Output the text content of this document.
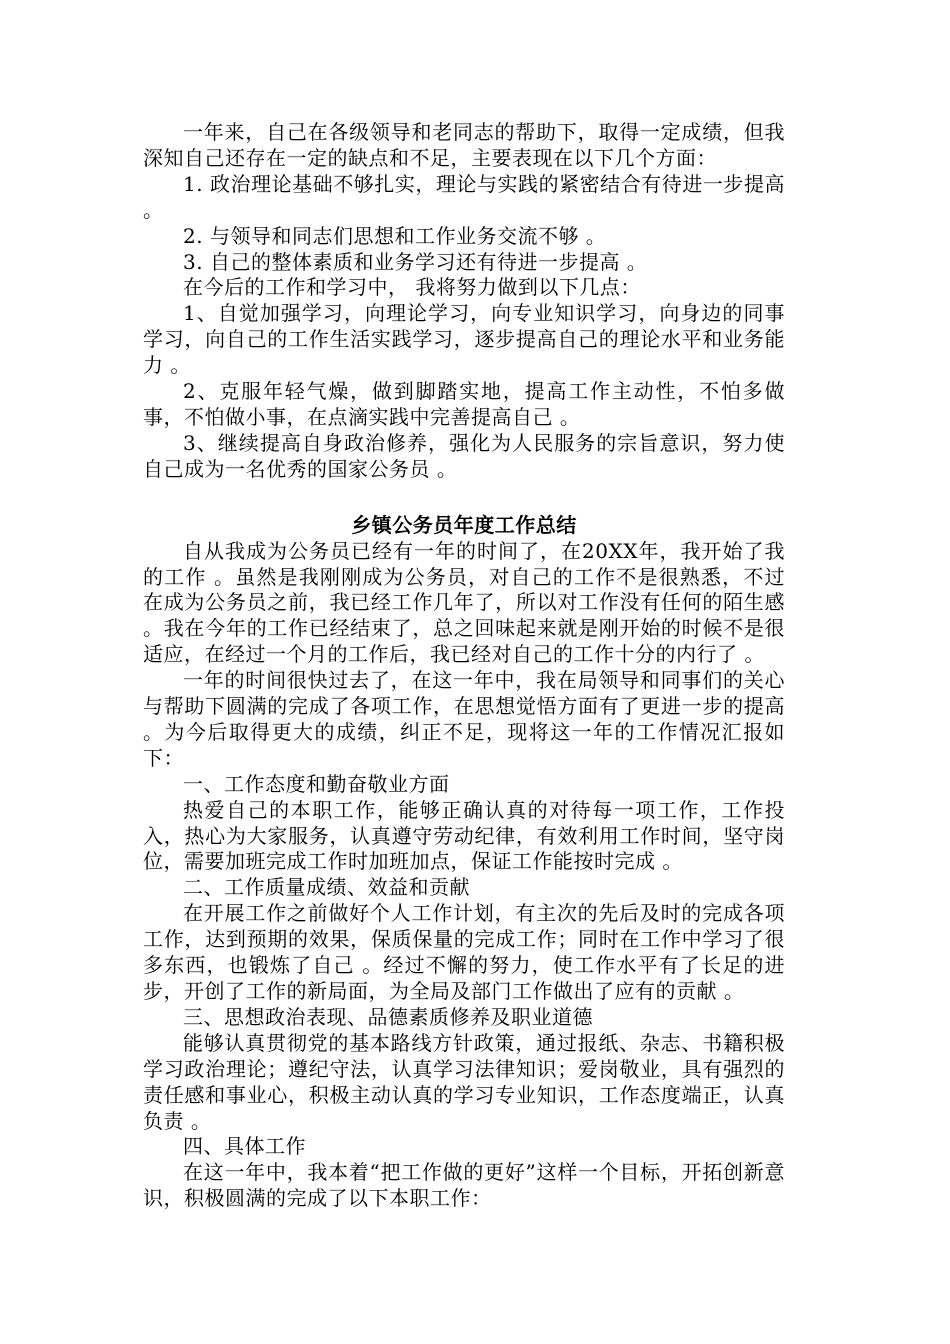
一年来，自己在各级领导和老同志的帮助下，取得一定成绩，但我深知自己还存在一定的缺点和不足，主要表现在以下几个方面：

1. 政治理论基础不够扎实，理论与实践的紧密结合有待进一步提高 。

2. 与领导和同志们思想和工作业务交流不够 。

3. 自己的整体素质和业务学习还有待进一步提高 。

在今后的工作和学习中， 我将努力做到以下几点：

1、自觉加强学习，向理论学习，向专业知识学习，向身边的同事学习，向自己的工作生活实践学习，逐步提高自己的理论水平和业务能力 。

2、克服年轻气燥，做到脚踏实地，提高工作主动性，不怕多做事，不怕做小事，在点滴实践中完善提高自己 。

3、继续提高自身政治修养，强化为人民服务的宗旨意识，努力使自己成为一名优秀的国家公务员 。

乡镇公务员年度工作总结

自从我成为公务员已经有一年的时间了，在20XX年，我开始了我的工作 。虽然是我刚刚成为公务员，对自己的工作不是很熟悉，不过在成为公务员之前，我已经工作几年了，所以对工作没有任何的陌生感 。我在今年的工作已经结束了，总之回味起来就是刚开始的时候不是很适应，在经过一个月的工作后，我已经对自己的工作十分的内行了 。

一年的时间很快过去了，在这一年中，我在局领导和同事们的关心与帮助下圆满的完成了各项工作，在思想觉悟方面有了更进一步的提高 。为今后取得更大的成绩，纠正不足，现将这一年的工作情况汇报如下：

一、工作态度和勤奋敬业方面

热爱自己的本职工作，能够正确认真的对待每一项工作，工作投入，热心为大家服务，认真遵守劳动纪律，有效利用工作时间，坚守岗位，需要加班完成工作时加班加点，保证工作能按时完成 。

二、工作质量成绩、效益和贡献

在开展工作之前做好个人工作计划，有主次的先后及时的完成各项工作，达到预期的效果，保质保量的完成工作；同时在工作中学习了很多东西，也锻炼了自己 。经过不懈的努力，使工作水平有了长足的进步，开创了工作的新局面，为全局及部门工作做出了应有的贡献 。

三、思想政治表现、品德素质修养及职业道德

能够认真贯彻党的基本路线方针政策，通过报纸、杂志、书籍积极学习政治理论；遵纪守法，认真学习法律知识；爱岗敬业，具有强烈的责任感和事业心，积极主动认真的学习专业知识，工作态度端正，认真负责 。

四、具体工作

在这一年中，我本着“把工作做的更好”这样一个目标，开拓创新意识，积极圆满的完成了以下本职工作：
